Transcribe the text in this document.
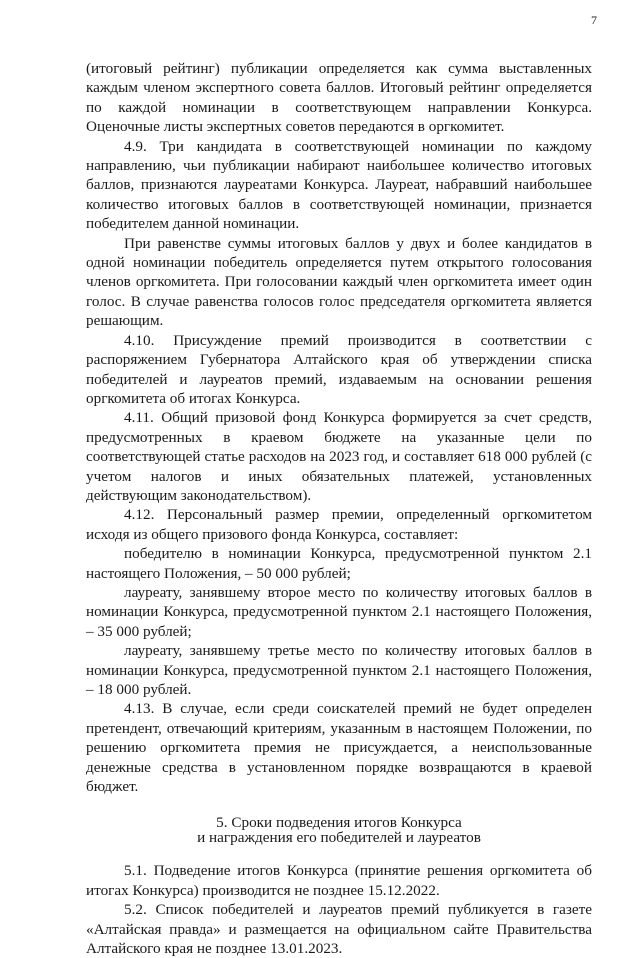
7

(итоговый рейтинг) публикации определяется как сумма выставленных каждым членом экспертного совета баллов. Итоговый рейтинг определяется по каждой номинации в соответствующем направлении Конкурса. Оценочные листы экспертных советов передаются в оргкомитет.

4.9. Три кандидата в соответствующей номинации по каждому направлению, чьи публикации набирают наибольшее количество итоговых баллов, признаются лауреатами Конкурса. Лауреат, набравший наибольшее количество итоговых баллов в соответствующей номинации, признается победителем данной номинации.

При равенстве суммы итоговых баллов у двух и более кандидатов в одной номинации победитель определяется путем открытого голосования членов оргкомитета. При голосовании каждый член оргкомитета имеет один голос. В случае равенства голосов голос председателя оргкомитета является решающим.

4.10. Присуждение премий производится в соответствии с распоряжением Губернатора Алтайского края об утверждении списка победителей и лауреатов премий, издаваемым на основании решения оргкомитета об итогах Конкурса.

4.11. Общий призовой фонд Конкурса формируется за счет средств, предусмотренных в краевом бюджете на указанные цели по соответствующей статье расходов на 2023 год, и составляет 618 000 рублей (с учетом налогов и иных обязательных платежей, установленных действующим законодательством).

4.12. Персональный размер премии, определенный оргкомитетом исходя из общего призового фонда Конкурса, составляет:

победителю в номинации Конкурса, предусмотренной пунктом 2.1 настоящего Положения, – 50 000 рублей;

лауреату, занявшему второе место по количеству итоговых баллов в номинации Конкурса, предусмотренной пунктом 2.1 настоящего Положения, – 35 000 рублей;

лауреату, занявшему третье место по количеству итоговых баллов в номинации Конкурса, предусмотренной пунктом 2.1 настоящего Положения, – 18 000 рублей.

4.13. В случае, если среди соискателей премий не будет определен претендент, отвечающий критериям, указанным в настоящем Положении, по решению оргкомитета премия не присуждается, а неиспользованные денежные средства в установленном порядке возвращаются в краевой бюджет.

5. Сроки подведения итогов Конкурса
и награждения его победителей и лауреатов

5.1. Подведение итогов Конкурса (принятие решения оргкомитета об итогах Конкурса) производится не позднее 15.12.2022.

5.2. Список победителей и лауреатов премий публикуется в газете «Алтайская правда» и размещается на официальном сайте Правительства Алтайского края не позднее 13.01.2023.
